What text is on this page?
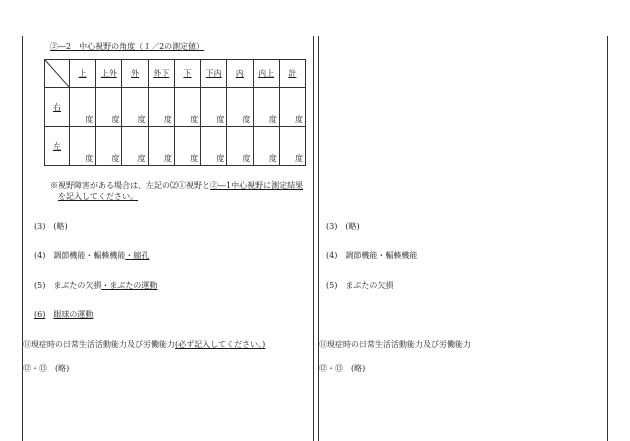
②―2　中心視野の角度（Ｉ／2の測定値）
	上	上外	外	外下	下	下内	内	内上	計
右	度	度	度	度	度	度	度	度	度
左	度	度	度	度	度	度	度	度	度
※視野障害がある場合は、左記の⑵①視野と②―1中心視野に測定結果
を記入してください。
(3)　(略)
(4)　調節機能・輻輳機能・縮孔
(5)　まぶたの欠損・まぶたの運動
(6)　 眼球の運動
⑪現症時の日常生活活動能力及び労働能力(必ず記入してください。)
⑫・⑬　(略)
(3)　(略)
(4)　調節機能・輻輳機能
(5)　まぶたの欠損
⑪現症時の日常生活活動能力及び労働能力
⑫・⑬　(略)
